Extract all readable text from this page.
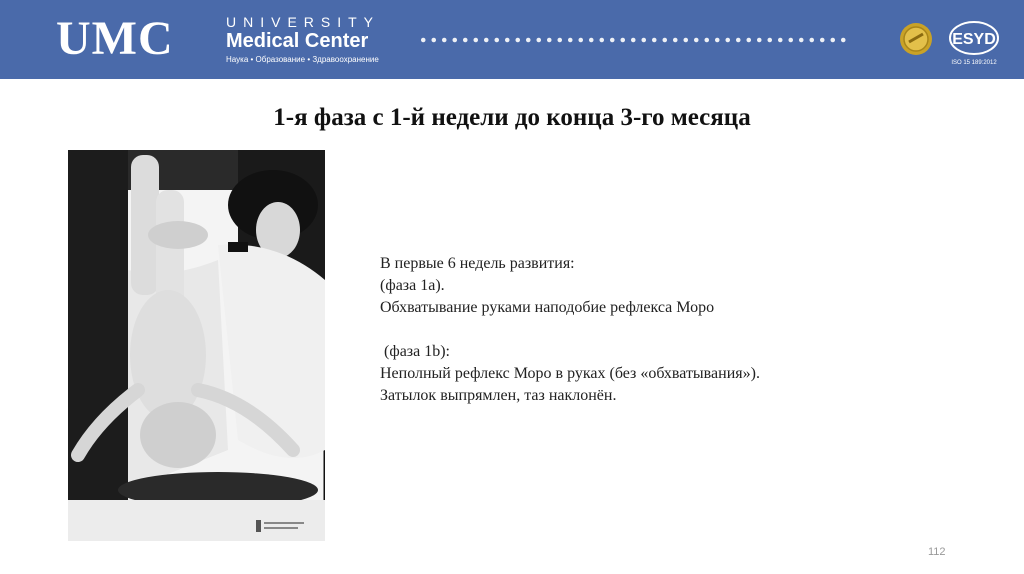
UMC	UNIVERSITY
Medical Center
Наука • Образование • Здравоохранение
ESYD
ISO 15 189:2012
1-я фаза с 1-й недели до конца 3-го месяца

В первые 6 недель развития:

(фаза 1а).

Обхватывание руками наподобие рефлекса Моро

(фаза 1b):

Неполный рефлекс Моро в руках (без «обхватывания»).

Затылок выпрямлен, таз наклонён.

112
